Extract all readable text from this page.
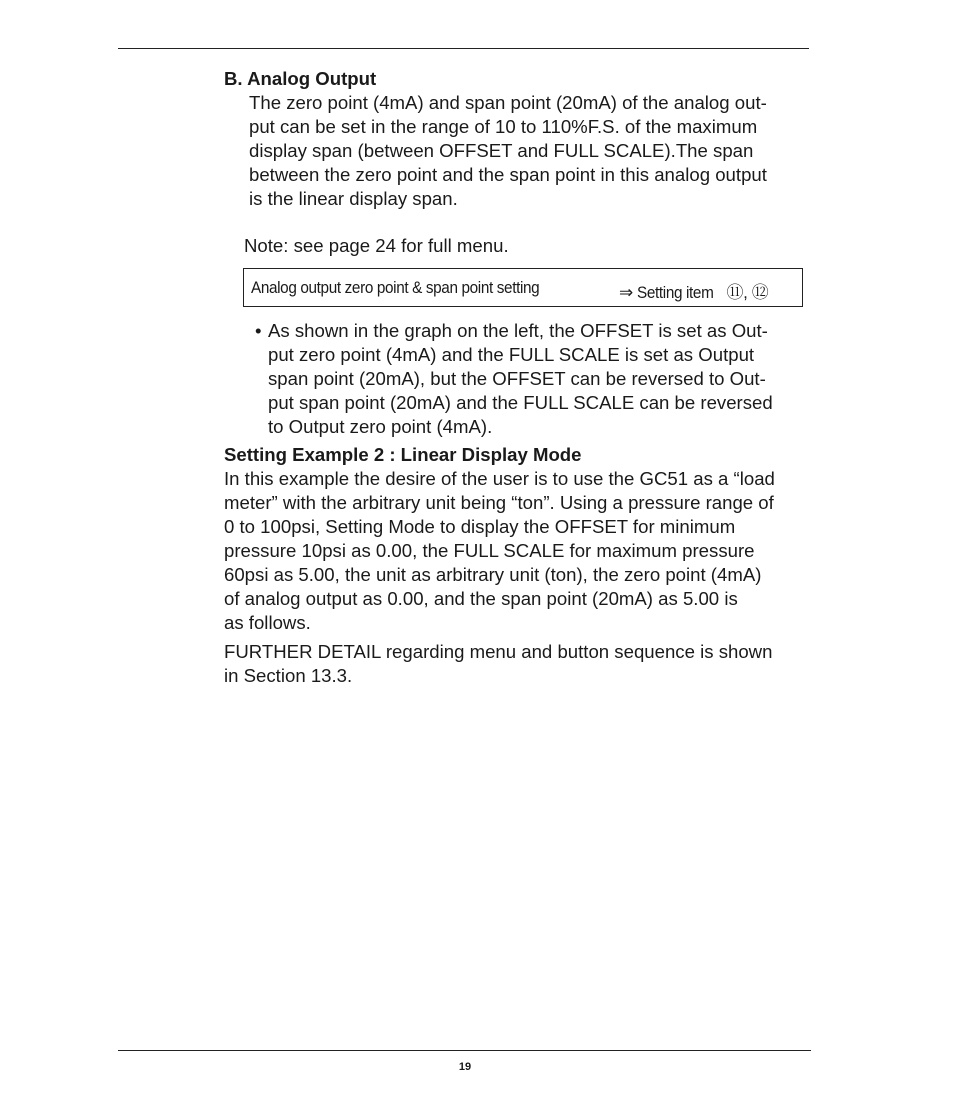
B. Analog Output
The zero point (4mA) and span point (20mA) of the analog out-
put can be set in the range of 10 to 110%F.S. of the maximum
display span (between OFFSET and FULL SCALE).The span
between the zero point and the span point in this analog output
is the linear display span.
Note: see page 24 for full menu.
Analog output zero point & span point setting	⇒ Setting item ⑪, ⑫
• As shown in the graph on the left, the OFFSET is set as Out-
put zero point (4mA) and the FULL SCALE is set as Output
span point (20mA), but the OFFSET can be reversed to Out-
put span point (20mA) and the FULL SCALE can be reversed
to Output zero point (4mA).
Setting Example 2 : Linear Display Mode
In this example the desire of the user is to use the GC51 as a “load
meter” with the arbitrary unit being “ton”. Using a pressure range of
0 to 100psi, Setting Mode to display the OFFSET for minimum
pressure 10psi as 0.00, the FULL SCALE for maximum pressure
60psi as 5.00, the unit as arbitrary unit (ton), the zero point (4mA)
of analog output as 0.00, and the span point (20mA) as 5.00 is
as follows.
FURTHER DETAIL regarding menu and button sequence is shown
in Section 13.3.
19
